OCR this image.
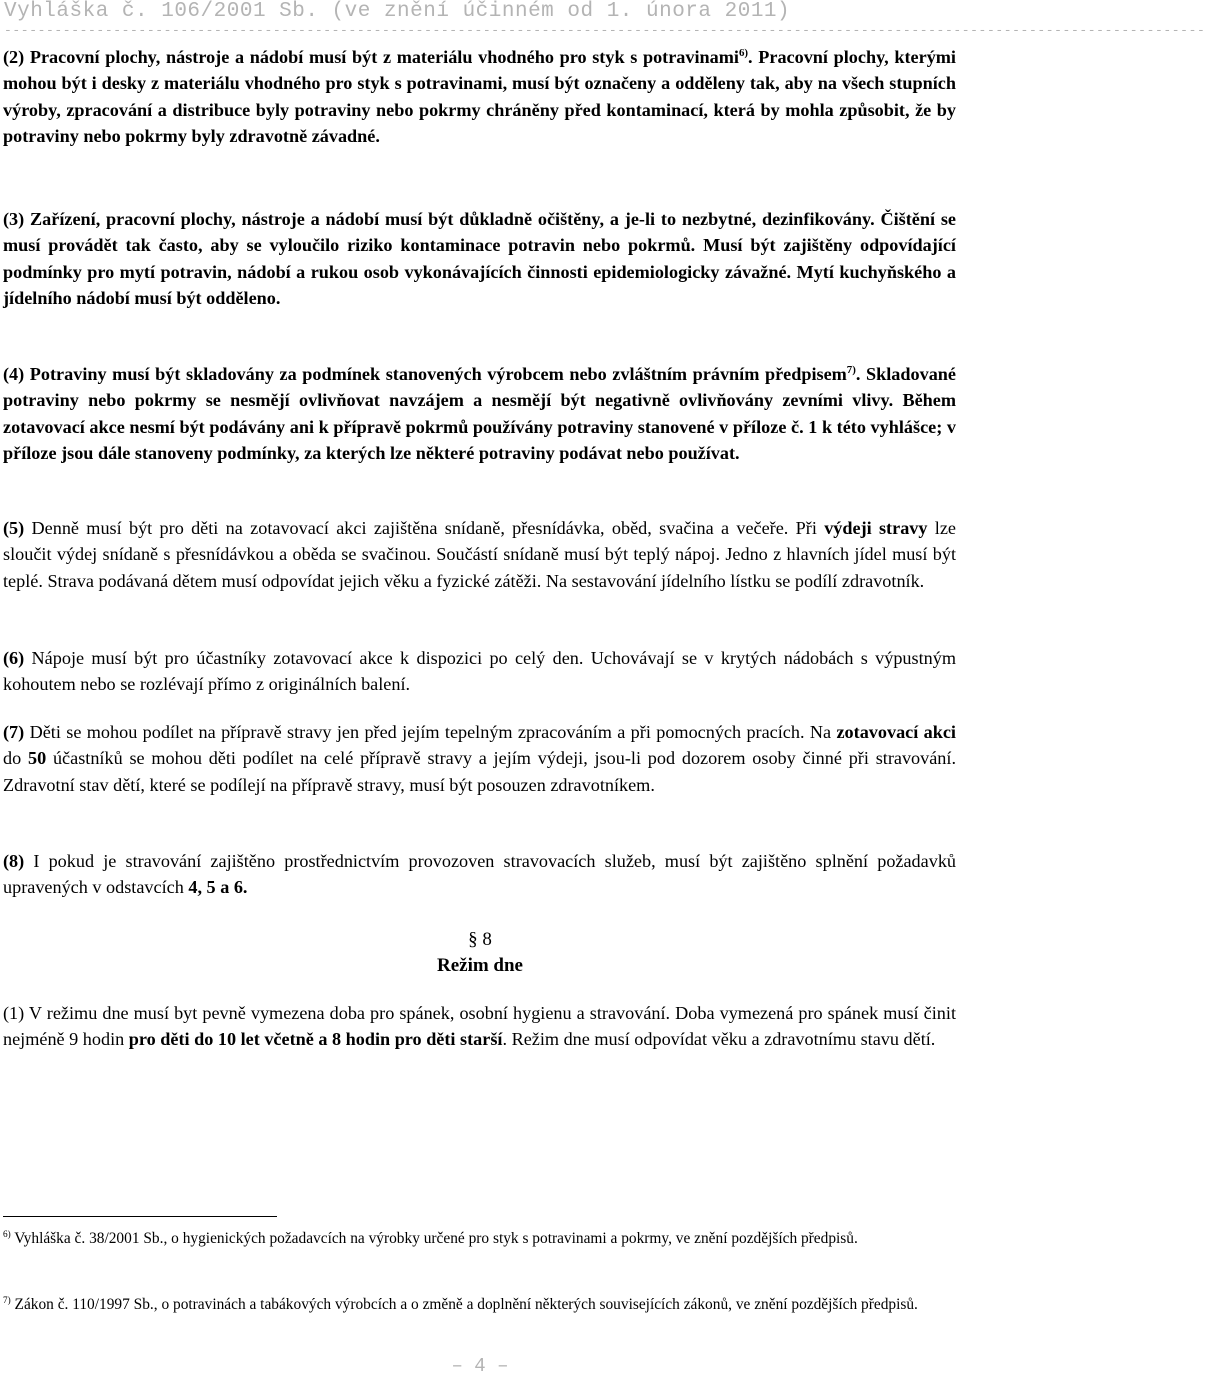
Vyhláška č. 106/2001 Sb. (ve znění účinném od 1. února 2011)
-----------------------------------------------------------------------------------------------------------------------------------------------

(2) Pracovní plochy, nástroje a nádobí musí být z materiálu vhodného pro styk s potravinami$^{6)}$. Pracovní plochy, kterými mohou být i desky z materiálu vhodného pro styk s potravinami, musí být označeny a odděleny tak, aby na všech stupních výroby, zpracování a distribuce byly potraviny nebo pokrmy chráněny před kontaminací, která by mohla způsobit, že by potraviny nebo pokrmy byly zdravotně závadné.

(3) Zařízení, pracovní plochy, nástroje a nádobí musí být důkladně očištěny, a je-li to nezbytné, dezinfikovány. Čištění se musí provádět tak často, aby se vyloučilo riziko kontaminace potravin nebo pokrmů. Musí být zajištěny odpovídající podmínky pro mytí potravin, nádobí a rukou osob vykonávajících činnosti epidemiologicky závažné. Mytí kuchyňského a jídelního nádobí musí být odděleno.

(4) Potraviny musí být skladovány za podmínek stanovených výrobcem nebo zvláštním právním předpisem$^{7)}$. Skladované potraviny nebo pokrmy se nesmějí ovlivňovat navzájem a nesmějí být negativně ovlivňovány zevními vlivy. Během zotavovací akce nesmí být podávány ani k přípravě pokrmů používány potraviny stanovené v příloze č. 1 k této vyhlášce; v příloze jsou dále stanoveny podmínky, za kterých lze některé potraviny podávat nebo používat.

(5) Denně musí být pro děti na zotavovací akci zajištěna snídaně, přesnídávka, oběd, svačina a večeře. Při výdeji stravy lze sloučit výdej snídaně s přesnídávkou a oběda se svačinou. Součástí snídaně musí být teplý nápoj. Jedno z hlavních jídel musí být teplé. Strava podávaná dětem musí odpovídat jejich věku a fyzické zátěži. Na sestavování jídelního lístku se podílí zdravotník.

(6) Nápoje musí být pro účastníky zotavovací akce k dispozici po celý den. Uchovávají se v krytých nádobách s výpustným kohoutem nebo se rozlévají přímo z originálních balení.

(7) Děti se mohou podílet na přípravě stravy jen před jejím tepelným zpracováním a při pomocných pracích. Na zotavovací akci do 50 účastníků se mohou děti podílet na celé přípravě stravy a jejím výdeji, jsou-li pod dozorem osoby činné při stravování. Zdravotní stav dětí, které se podílejí na přípravě stravy, musí být posouzen zdravotníkem.

(8) I pokud je stravování zajištěno prostřednictvím provozoven stravovacích služeb, musí být zajištěno splnění požadavků upravených v odstavcích 4, 5 a 6.

§ 8
Režim dne

(1) V režimu dne musí byt pevně vymezena doba pro spánek, osobní hygienu a stravování. Doba vymezená pro spánek musí činit nejméně 9 hodin pro děti do 10 let včetně a 8 hodin pro děti starší. Režim dne musí odpovídat věku a zdravotnímu stavu dětí.

$^{6)}$ Vyhláška č. 38/2001 Sb., o hygienických požadavcích na výrobky určené pro styk s potravinami a pokrmy, ve znění pozdějších předpisů.

$^{7)}$ Zákon č. 110/1997 Sb., o potravinách a tabákových výrobcích a o změně a doplnění některých souvisejících zákonů, ve znění pozdějších předpisů.

– 4 –
